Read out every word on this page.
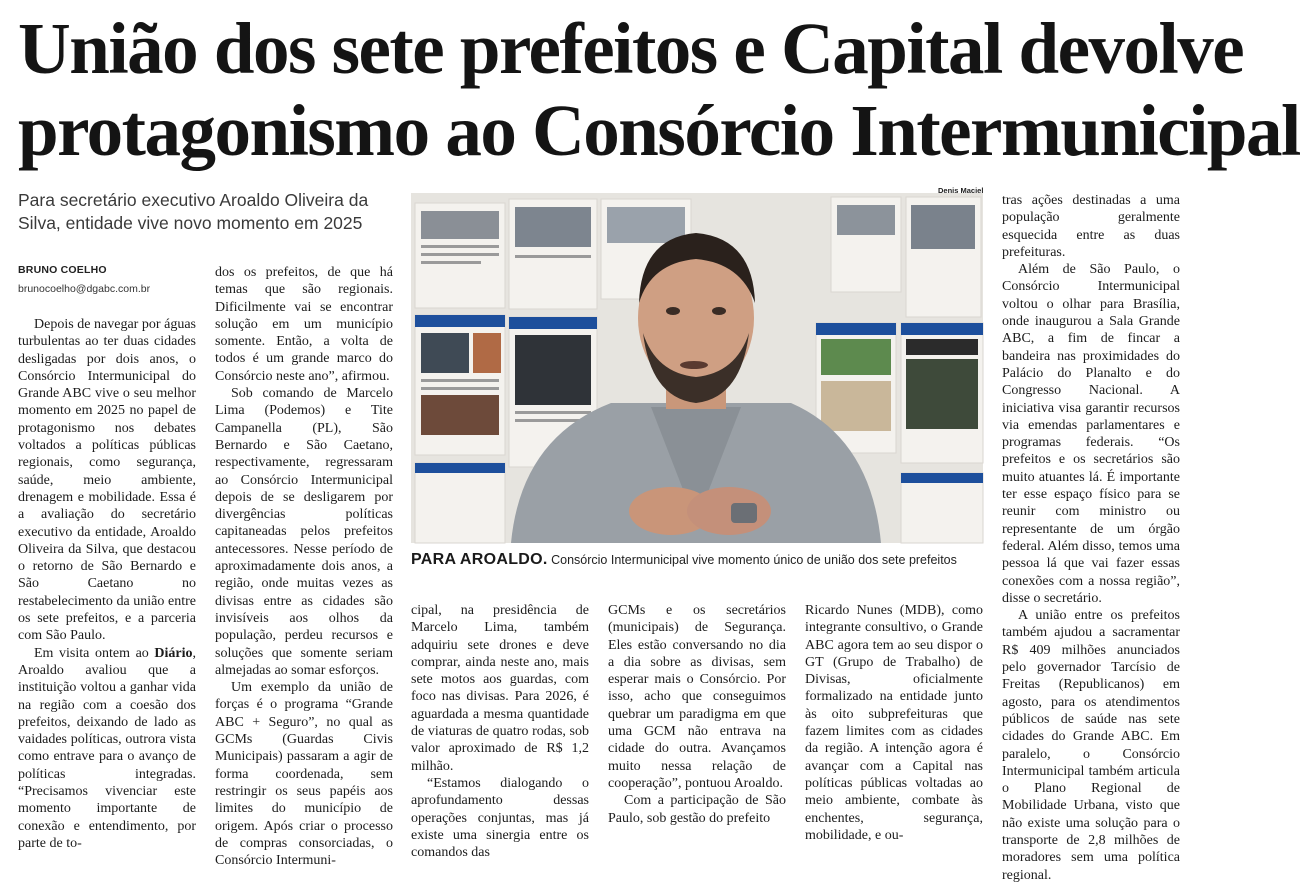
União dos sete prefeitos e Capital devolve
protagonismo ao Consórcio Intermunicipal
Para secretário executivo Aroaldo Oliveira da Silva, entidade vive novo momento em 2025
BRUNO COELHO
brunocoelho@dgabc.com.br

Depois de navegar por águas turbulentas ao ter duas cidades desligadas por dois anos, o Consórcio Intermunicipal do Grande ABC vive o seu melhor momento em 2025 no papel de protagonismo nos debates voltados a políticas públicas regionais, como segurança, saúde, meio ambiente, drenagem e mobilidade. Essa é a avaliação do secretário executivo da entidade, Aroaldo Oliveira da Silva, que destacou o retorno de São Bernardo e São Caetano no restabelecimento da união entre os sete prefeitos, e a parceria com São Paulo.

Em visita ontem ao Diário, Aroaldo avaliou que a instituição voltou a ganhar vida na região com a coesão dos prefeitos, deixando de lado as vaidades políticas, outrora vista como entrave para o avanço de políticas integradas. “Precisamos vivenciar este momento importante de conexão e entendimento, por parte de to-

dos os prefeitos, de que há temas que são regionais. Dificilmente vai se encontrar solução em um município somente. Então, a volta de todos é um grande marco do Consórcio neste ano”, afirmou.

Sob comando de Marcelo Lima (Podemos) e Tite Campanella (PL), São Bernardo e São Caetano, respectivamente, regressaram ao Consórcio Intermunicipal depois de se desligarem por divergências políticas capitaneadas pelos prefeitos antecessores. Nesse período de aproximadamente dois anos, a região, onde muitas vezes as divisas entre as cidades são invisíveis aos olhos da população, perdeu recursos e soluções que somente seriam almejadas ao somar esforços.

Um exemplo da união de forças é o programa “Grande ABC + Seguro”, no qual as GCMs (Guardas Civis Municipais) passaram a agir de forma coordenada, sem restringir os seus papéis aos limites do município de origem. Após criar o processo de compras consorciadas, o Consórcio Intermuni-

Denis Maciel
PARA AROALDO. Consórcio Intermunicipal vive momento único de união dos sete prefeitos

cipal, na presidência de Marcelo Lima, também adquiriu sete drones e deve comprar, ainda neste ano, mais sete motos aos guardas, com foco nas divisas. Para 2026, é aguardada a mesma quantidade de viaturas de quatro rodas, sob valor aproximado de R$ 1,2 milhão.

“Estamos dialogando o aprofundamento dessas operações conjuntas, mas já existe uma sinergia entre os comandos das

GCMs e os secretários (municipais) de Segurança. Eles estão conversando no dia a dia sobre as divisas, sem esperar mais o Consórcio. Por isso, acho que conseguimos quebrar um paradigma em que uma GCM não entrava na cidade do outra. Avançamos muito nessa relação de cooperação”, pontuou Aroaldo.

Com a participação de São Paulo, sob gestão do prefeito

Ricardo Nunes (MDB), como integrante consultivo, o Grande ABC agora tem ao seu dispor o GT (Grupo de Trabalho) de Divisas, oficialmente formalizado na entidade junto às oito subprefeituras que fazem limites com as cidades da região. A intenção agora é avançar com a Capital nas políticas públicas voltadas ao meio ambiente, combate às enchentes, segurança, mobilidade, e ou-

tras ações destinadas a uma população geralmente esquecida entre as duas prefeituras.

Além de São Paulo, o Consórcio Intermunicipal voltou o olhar para Brasília, onde inaugurou a Sala Grande ABC, a fim de fincar a bandeira nas proximidades do Palácio do Planalto e do Congresso Nacional. A iniciativa visa garantir recursos via emendas parlamentares e programas federais. “Os prefeitos e os secretários são muito atuantes lá. É importante ter esse espaço físico para se reunir com ministro ou representante de um órgão federal. Além disso, temos uma pessoa lá que vai fazer essas conexões com a nossa região”, disse o secretário.

A união entre os prefeitos também ajudou a sacramentar R$ 409 milhões anunciados pelo governador Tarcísio de Freitas (Republicanos) em agosto, para os atendimentos públicos de saúde nas sete cidades do Grande ABC. Em paralelo, o Consórcio Intermunicipal também articula o Plano Regional de Mobilidade Urbana, visto que não existe uma solução para o transporte de 2,8 milhões de moradores sem uma política regional.
